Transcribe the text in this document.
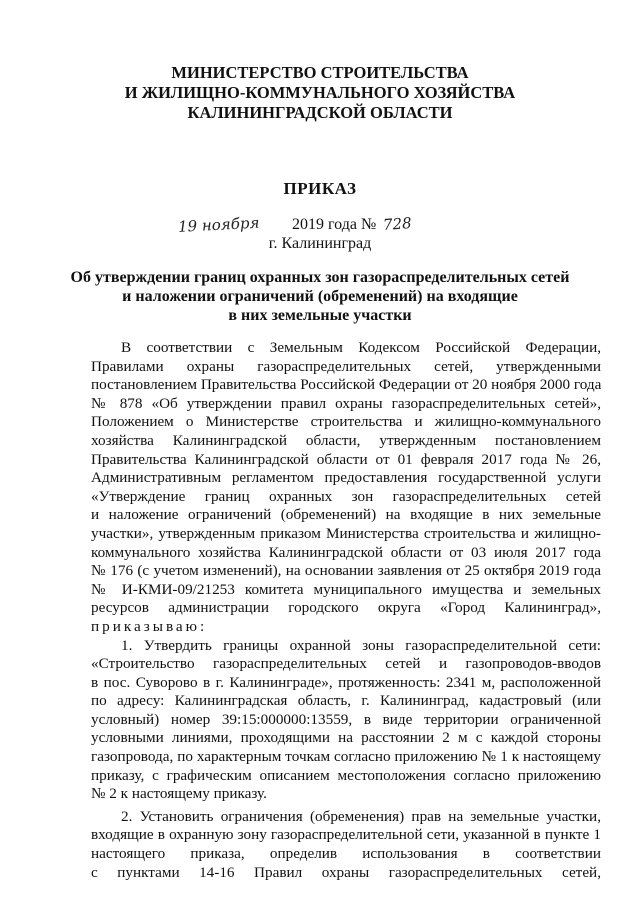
МИНИСТЕРСТВО СТРОИТЕЛЬСТВА
И ЖИЛИЩНО-КОММУНАЛЬНОГО ХОЗЯЙСТВА
КАЛИНИНГРАДСКОЙ ОБЛАСТИ
ПРИКАЗ
19 ноября 2019 года № 728
г. Калининград
Об утверждении границ охранных зон газораспределительных сетей
и наложении ограничений (обременений) на входящие
в них земельные участки
В соответствии с Земельным Кодексом Российской Федерации,
Правилами охраны газораспределительных сетей, утвержденными
постановлением Правительства Российской Федерации от 20 ноября 2000 года
№ 878 «Об утверждении правил охраны газораспределительных сетей»,
Положением о Министерстве строительства и жилищно-коммунального
хозяйства Калининградской области, утвержденным постановлением
Правительства Калининградской области от 01 февраля 2017 года № 26,
Административным регламентом предоставления государственной услуги
«Утверждение границ охранных зон газораспределительных сетей
и наложение ограничений (обременений) на входящие в них земельные
участки», утвержденным приказом Министерства строительства и жилищно-
коммунального хозяйства Калининградской области от 03 июля 2017 года
№ 176 (с учетом изменений), на основании заявления от 25 октября 2019 года
№ И-КМИ-09/21253 комитета муниципального имущества и земельных
ресурсов администрации городского округа «Город Калининград»,
приказываю:
1. Утвердить границы охранной зоны газораспределительной сети:
«Строительство газораспределительных сетей и газопроводов-вводов
в пос. Суворово в г. Калининграде», протяженность: 2341 м, расположенной
по адресу: Калининградская область, г. Калининград, кадастровый (или
условный) номер 39:15:000000:13559, в виде территории ограниченной
условными линиями, проходящими на расстоянии 2 м с каждой стороны
газопровода, по характерным точкам согласно приложению № 1 к настоящему
приказу, с графическим описанием местоположения согласно приложению
№ 2 к настоящему приказу.
2. Установить ограничения (обременения) прав на земельные участки,
входящие в охранную зону газораспределительной сети, указанной в пункте 1
настоящего приказа, определив использования в соответствии
с пунктами 14-16 Правил охраны газораспределительных сетей,
